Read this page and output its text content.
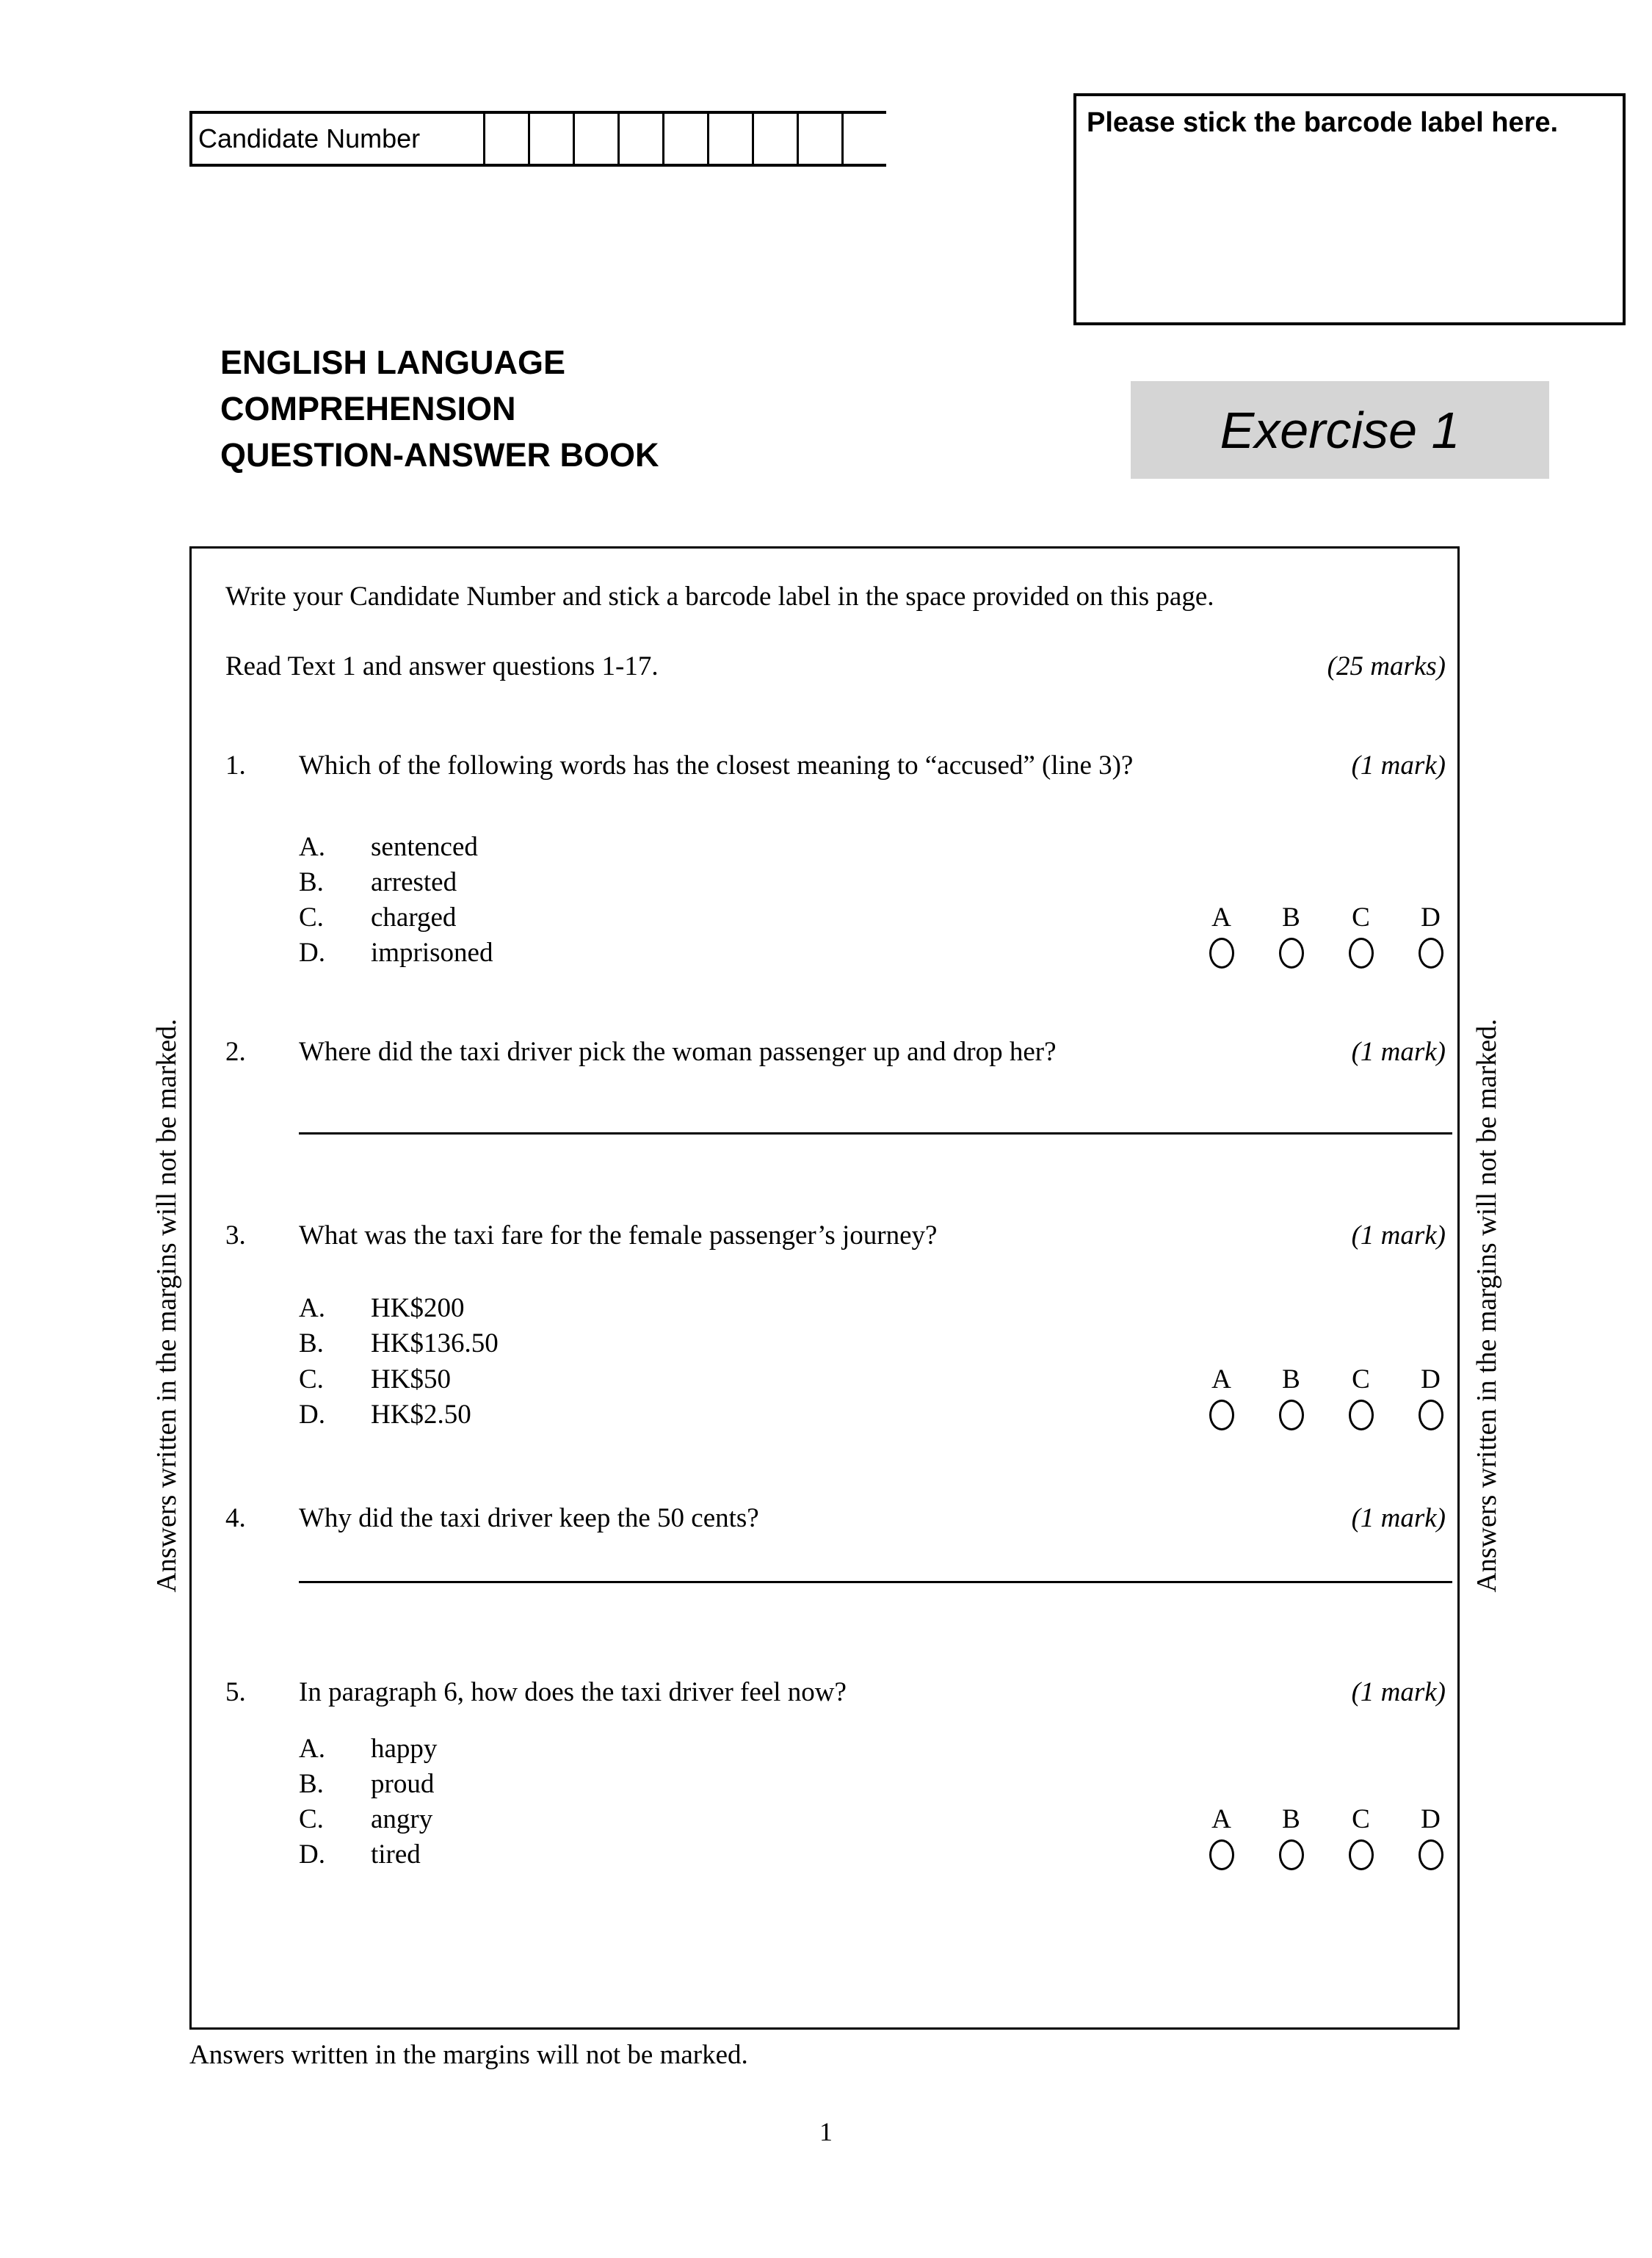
Candidate Number
Please stick the barcode label here.
ENGLISH LANGUAGE
COMPREHENSION
QUESTION-ANSWER BOOK	Exercise 1
Write your Candidate Number and stick a barcode label in the space provided on this page.
Read Text 1 and answer questions 1-17.	(25 marks)
1.	Which of the following words has the closest meaning to “accused” (line 3)?	(1 mark)
A.	sentenced
B.	arrested
C.	charged
D.	imprisoned
A B C D
2.	Where did the taxi driver pick the woman passenger up and drop her?	(1 mark)
3.	What was the taxi fare for the female passenger’s journey?	(1 mark)
A.	HK$200
B.	HK$136.50
C.	HK$50
D.	HK$2.50
A B C D
4.	Why did the taxi driver keep the 50 cents?	(1 mark)
5.	In paragraph 6, how does the taxi driver feel now?	(1 mark)
A.	happy
B.	proud
C.	angry
D.	tired
A B C D
Answers written in the margins will not be marked.	Answers written in the margins will not be marked.
Answers written in the margins will not be marked.
1
